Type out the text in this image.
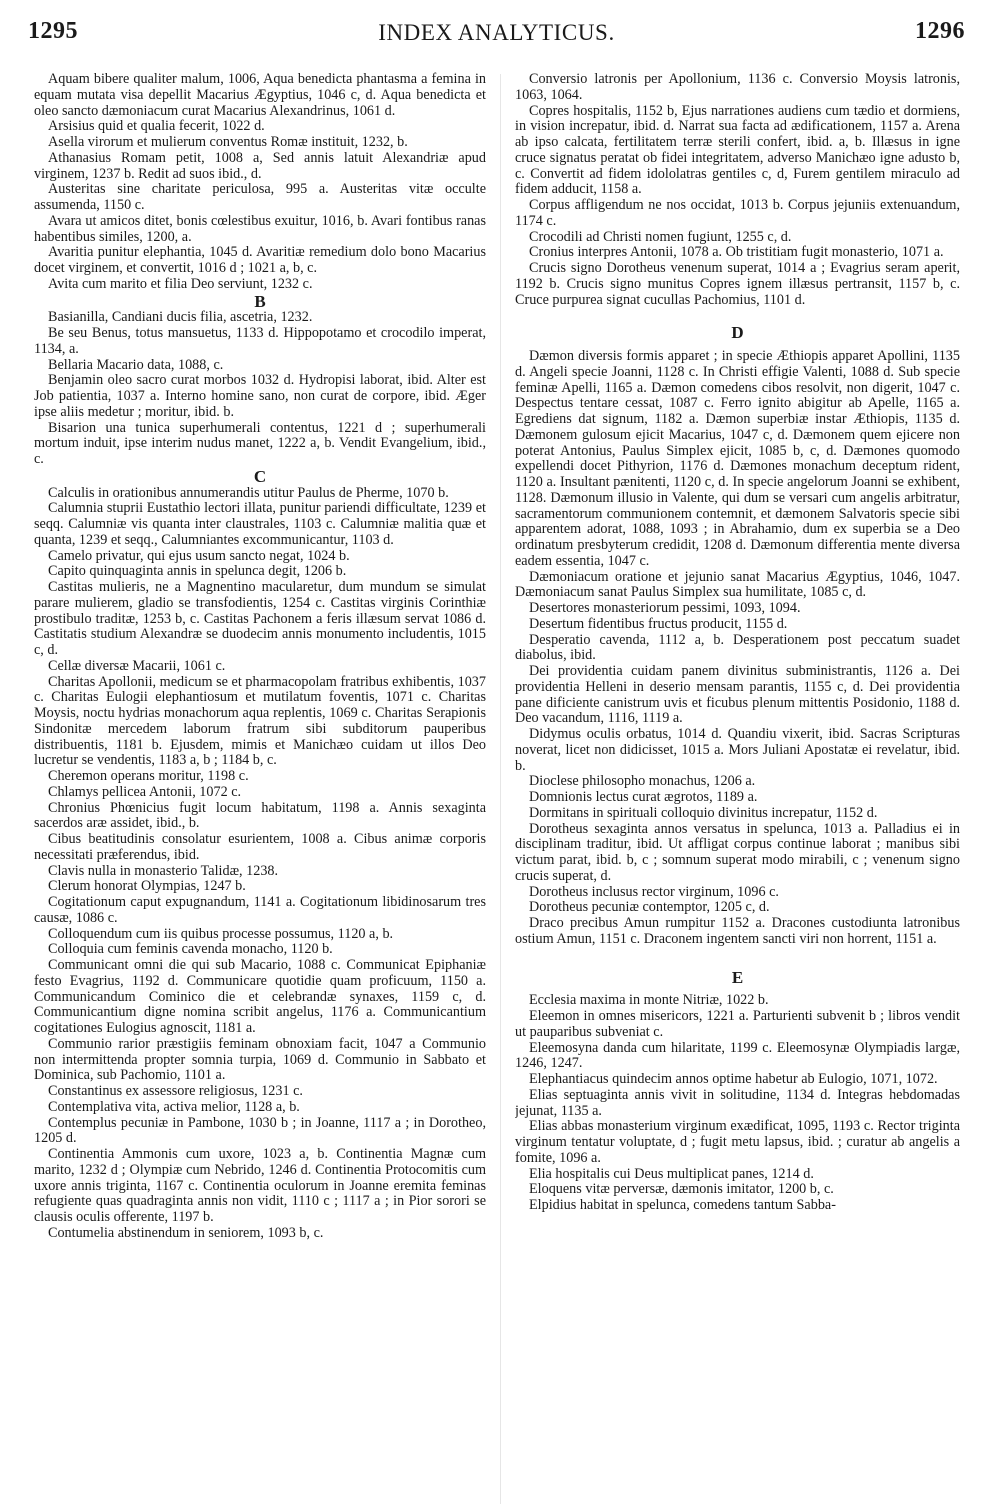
1295	INDEX ANALYTICUS.	1296

Aquam bibere qualiter malum, 1006, Aqua benedicta phantasma a femina in equam mutata visa depellit Macarius Ægyptius, 1046 c, d. Aqua benedicta et oleo sancto dæmoniacum curat Macarius Alexandrinus, 1061 d.

Arsisius quid et qualia fecerit, 1022 d.

Asella virorum et mulierum conventus Romæ instituit, 1232, b.

Athanasius Romam petit, 1008 a, Sed annis latuit Alexandriæ apud virginem, 1237 b. Redit ad suos ibid., d.

Austeritas sine charitate periculosa, 995 a. Austeritas vitæ occulte assumenda, 1150 c.

Avara ut amicos ditet, bonis cœlestibus exuitur, 1016, b. Avari fontibus ranas habentibus similes, 1200, a.

Avaritia punitur elephantia, 1045 d. Avaritiæ remedium dolo bono Macarius docet virginem, et convertit, 1016 d ; 1021 a, b, c.

Avita cum marito et filia Deo serviunt, 1232 c.

B

Basianilla, Candiani ducis filia, ascetria, 1232.

Be seu Benus, totus mansuetus, 1133 d. Hippopotamo et crocodilo imperat, 1134, a.

Bellaria Macario data, 1088, c.

Benjamin oleo sacro curat morbos 1032 d. Hydropisi laborat, ibid. Alter est Job patientia, 1037 a. Interno homine sano, non curat de corpore, ibid. Æger ipse aliis medetur ; moritur, ibid. b.

Bisarion una tunica superhumerali contentus, 1221 d ; superhumerali mortum induit, ipse interim nudus manet, 1222 a, b. Vendit Evangelium, ibid., c.

C

Calculis in orationibus annumerandis utitur Paulus de Pherme, 1070 b.

Calumnia stuprii Eustathio lectori illata, punitur pariendi difficultate, 1239 et seqq. Calumniæ vis quanta inter claustrales, 1103 c. Calumniæ malitia quæ et quanta, 1239 et seqq., Calumniantes excommunicantur, 1103 d.

Camelo privatur, qui ejus usum sancto negat, 1024 b.

Capito quinquaginta annis in spelunca degit, 1206 b.

Castitas mulieris, ne a Magnentino macularetur, dum mundum se simulat parare mulierem, gladio se transfodientis, 1254 c. Castitas virginis Corinthiæ prostibulo traditæ, 1253 b, c. Castitas Pachonem a feris illæsum servat 1086 d. Castitatis studium Alexandræ se duodecim annis monumento includentis, 1015 c, d.

Cellæ diversæ Macarii, 1061 c.

Charitas Apollonii, medicum se et pharmacopolam fratribus exhibentis, 1037 c. Charitas Eulogii elephantiosum et mutilatum foventis, 1071 c. Charitas Moysis, noctu hydrias monachorum aqua replentis, 1069 c. Charitas Serapionis Sindonitæ mercedem laborum fratrum sibi subditorum pauperibus distribuentis, 1181 b. Ejusdem, mimis et Manichæo cuidam ut illos Deo lucretur se vendentis, 1183 a, b ; 1184 b, c.

Cheremon operans moritur, 1198 c.

Chlamys pellicea Antonii, 1072 c.

Chronius Phœnicius fugit locum habitatum, 1198 a. Annis sexaginta sacerdos aræ assidet, ibid., b.

Cibus beatitudinis consolatur esurientem, 1008 a. Cibus animæ corporis necessitati præferendus, ibid.

Clavis nulla in monasterio Talidæ, 1238.

Clerum honorat Olympias, 1247 b.

Cogitationum caput expugnandum, 1141 a. Cogitationum libidinosarum tres causæ, 1086 c.

Colloquendum cum iis quibus processe possumus, 1120 a, b.

Colloquia cum feminis cavenda monacho, 1120 b.

Communicant omni die qui sub Macario, 1088 c. Communicat Epiphaniæ festo Evagrius, 1192 d. Communicare quotidie quam proficuum, 1150 a. Communicandum Cominico die et celebrandæ synaxes, 1159 c, d. Communicantium digne nomina scribit angelus, 1176 a. Communicantium cogitationes Eulogius agnoscit, 1181 a.

Communio rarior præstigiis feminam obnoxiam facit, 1047 a Communio non intermittenda propter somnia turpia, 1069 d. Communio in Sabbato et Dominica, sub Pachomio, 1101 a.

Constantinus ex assessore religiosus, 1231 c.

Contemplativa vita, activa melior, 1128 a, b.

Contemplus pecuniæ in Pambone, 1030 b ; in Joanne, 1117 a ; in Dorotheo, 1205 d.

Continentia Ammonis cum uxore, 1023 a, b. Continentia Magnæ cum marito, 1232 d ; Olympiæ cum Nebrido, 1246 d. Continentia Protocomitis cum uxore annis triginta, 1167 c. Continentia oculorum in Joanne eremita feminas refugiente quas quadraginta annis non vidit, 1110 c ; 1117 a ; in Pior sorori se clausis oculis offerente, 1197 b.

Contumelia abstinendum in seniorem, 1093 b, c.

Conversio latronis per Apollonium, 1136 c. Conversio Moysis latronis, 1063, 1064.

Copres hospitalis, 1152 b, Ejus narrationes audiens cum tædio et dormiens, in vision increpatur, ibid. d. Narrat sua facta ad ædificationem, 1157 a. Arena ab ipso calcata, fertilitatem terræ sterili confert, ibid. a, b. Illæsus in igne cruce signatus peratat ob fidei integritatem, adverso Manichæo igne adusto b, c. Convertit ad fidem idololatras gentiles c, d, Furem gentilem miraculo ad fidem adducit, 1158 a.

Corpus affligendum ne nos occidat, 1013 b. Corpus jejuniis extenuandum, 1174 c.

Crocodili ad Christi nomen fugiunt, 1255 c, d.

Cronius interpres Antonii, 1078 a. Ob tristitiam fugit monasterio, 1071 a.

Crucis signo Dorotheus venenum superat, 1014 a ; Evagrius seram aperit, 1192 b. Crucis signo munitus Copres ignem illæsus pertransit, 1157 b, c. Cruce purpurea signat cucullas Pachomius, 1101 d.

D

Dæmon diversis formis apparet ; in specie Æthiopis apparet Apollini, 1135 d. Angeli specie Joanni, 1128 c. In Christi effigie Valenti, 1088 d. Sub specie feminæ Apelli, 1165 a. Dæmon comedens cibos resolvit, non digerit, 1047 c. Despectus tentare cessat, 1087 c. Ferro ignito abigitur ab Apelle, 1165 a. Egrediens dat signum, 1182 a. Dæmon superbiæ instar Æthiopis, 1135 d. Dæmonem gulosum ejicit Macarius, 1047 c, d. Dæmonem quem ejicere non poterat Antonius, Paulus Simplex ejicit, 1085 b, c, d. Dæmones quomodo expellendi docet Pithyrion, 1176 d. Dæmones monachum deceptum rident, 1120 a. Insultant pænitenti, 1120 c, d. In specie angelorum Joanni se exhibent, 1128. Dæmonum illusio in Valente, qui dum se versari cum angelis arbitratur, sacramentorum communionem contemnit, et dæmonem Salvatoris specie sibi apparentem adorat, 1088, 1093 ; in Abrahamio, dum ex superbia se a Deo ordinatum presbyterum credidit, 1208 d. Dæmonum differentia mente diversa eadem essentia, 1047 c.

Dæmoniacum oratione et jejunio sanat Macarius Ægyptius, 1046, 1047. Dæmoniacum sanat Paulus Simplex sua humilitate, 1085 c, d.

Desertores monasteriorum pessimi, 1093, 1094.

Desertum fidentibus fructus producit, 1155 d.

Desperatio cavenda, 1112 a, b. Desperationem post peccatum suadet diabolus, ibid.

Dei providentia cuidam panem divinitus subministrantis, 1126 a. Dei providentia Helleni in deserio mensam parantis, 1155 c, d. Dei providentia pane dificiente canistrum uvis et ficubus plenum mittentis Posidonio, 1188 d. Deo vacandum, 1116, 1119 a.

Didymus oculis orbatus, 1014 d. Quandiu vixerit, ibid. Sacras Scripturas noverat, licet non didicisset, 1015 a. Mors Juliani Apostatæ ei revelatur, ibid. b.

Dioclese philosopho monachus, 1206 a.

Domnionis lectus curat ægrotos, 1189 a.

Dormitans in spirituali colloquio divinitus increpatur, 1152 d.

Dorotheus sexaginta annos versatus in spelunca, 1013 a. Palladius ei in disciplinam traditur, ibid. Ut affligat corpus continue laborat ; manibus sibi victum parat, ibid. b, c ; somnum superat modo mirabili, c ; venenum signo crucis superat, d.

Dorotheus inclusus rector virginum, 1096 c.

Dorotheus pecuniæ contemptor, 1205 c, d.

Draco precibus Amun rumpitur 1152 a. Dracones custodiunta latronibus ostium Amun, 1151 c. Draconem ingentem sancti viri non horrent, 1151 a.

E

Ecclesia maxima in monte Nitriæ, 1022 b.

Eleemon in omnes misericors, 1221 a. Parturienti subvenit b ; libros vendit ut pauparibus subveniat c.

Eleemosyna danda cum hilaritate, 1199 c. Eleemosynæ Olympiadis largæ, 1246, 1247.

Elephantiacus quindecim annos optime habetur ab Eulogio, 1071, 1072.

Elias septuaginta annis vivit in solitudine, 1134 d. Integras hebdomadas jejunat, 1135 a.

Elias abbas monasterium virginum exædificat, 1095, 1193 c. Rector triginta virginum tentatur voluptate, d ; fugit metu lapsus, ibid. ; curatur ab angelis a fomite, 1096 a.

Elia hospitalis cui Deus multiplicat panes, 1214 d.

Eloquens vitæ perversæ, dæmonis imitator, 1200 b, c.

Elpidius habitat in spelunca, comedens tantum Sabba-
